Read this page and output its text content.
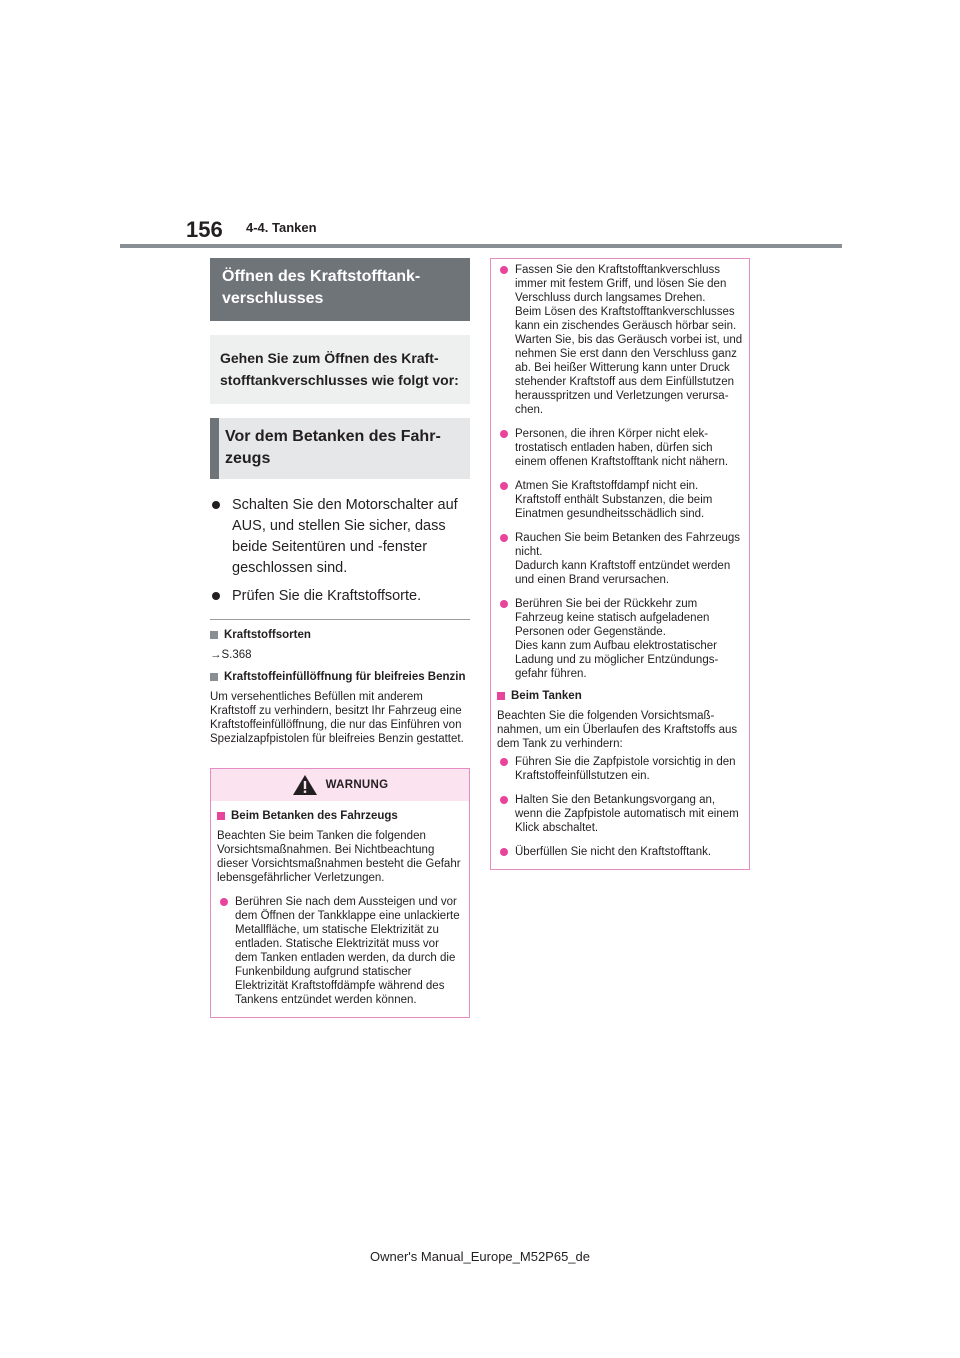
156 4-4. Tanken
Öffnen des Kraftstofftankverschlusses
Gehen Sie zum Öffnen des Kraftstofftankverschlusses wie folgt vor:
Vor dem Betanken des Fahrzeugs
Schalten Sie den Motorschalter auf AUS, und stellen Sie sicher, dass beide Seitentüren und -fenster geschlossen sind.
Prüfen Sie die Kraftstoffsorte.
Kraftstoffsorten
→S.368
Kraftstoffeinfüllöffnung für bleifreies Benzin
Um versehentliches Befüllen mit anderem Kraftstoff zu verhindern, besitzt Ihr Fahrzeug eine Kraftstoffeinfüllöffnung, die nur das Einführen von Spezialzapfpistolen für bleifreies Benzin gestattet.
WARNUNG
Beim Betanken des Fahrzeugs
Beachten Sie beim Tanken die folgenden Vorsichtsmaßnahmen. Bei Nichtbeachtung dieser Vorsichtsmaßnahmen besteht die Gefahr lebensgefährlicher Verletzungen.
Berühren Sie nach dem Aussteigen und vor dem Öffnen der Tankklappe eine unlackierte Metallfläche, um statische Elektrizität zu entladen. Statische Elektrizität muss vor dem Tanken entladen werden, da durch die Funkenbildung aufgrund statischer Elektrizität Kraftstoffdämpfe während des Tankens entzündet werden können.
Fassen Sie den Kraftstofftankverschluss immer mit festem Griff, und lösen Sie den Verschluss durch langsames Drehen.
Beim Lösen des Kraftstofftankverschlusses kann ein zischendes Geräusch hörbar sein. Warten Sie, bis das Geräusch vorbei ist, und nehmen Sie erst dann den Verschluss ganz ab. Bei heißer Witterung kann unter Druck stehender Kraftstoff aus dem Einfüllstutzen herausspritzen und Verletzungen verursachen.
Personen, die ihren Körper nicht elektrostatisch entladen haben, dürfen sich einem offenen Kraftstofftank nicht nähern.
Atmen Sie Kraftstoffdampf nicht ein. Kraftstoff enthält Substanzen, die beim Einatmen gesundheitsschädlich sind.
Rauchen Sie beim Betanken des Fahrzeugs nicht.
Dadurch kann Kraftstoff entzündet werden und einen Brand verursachen.
Berühren Sie bei der Rückkehr zum Fahrzeug keine statisch aufgeladenen Personen oder Gegenstände.
Dies kann zum Aufbau elektrostatischer Ladung und zu möglicher Entzündungsgefahr führen.
Beim Tanken
Beachten Sie die folgenden Vorsichtsmaßnahmen, um ein Überlaufen des Kraftstoffs aus dem Tank zu verhindern:
Führen Sie die Zapfpistole vorsichtig in den Kraftstoffeinfüllstutzen ein.
Halten Sie den Betankungsvorgang an, wenn die Zapfpistole automatisch mit einem Klick abschaltet.
Überfüllen Sie nicht den Kraftstofftank.
Owner's Manual_Europe_M52P65_de
